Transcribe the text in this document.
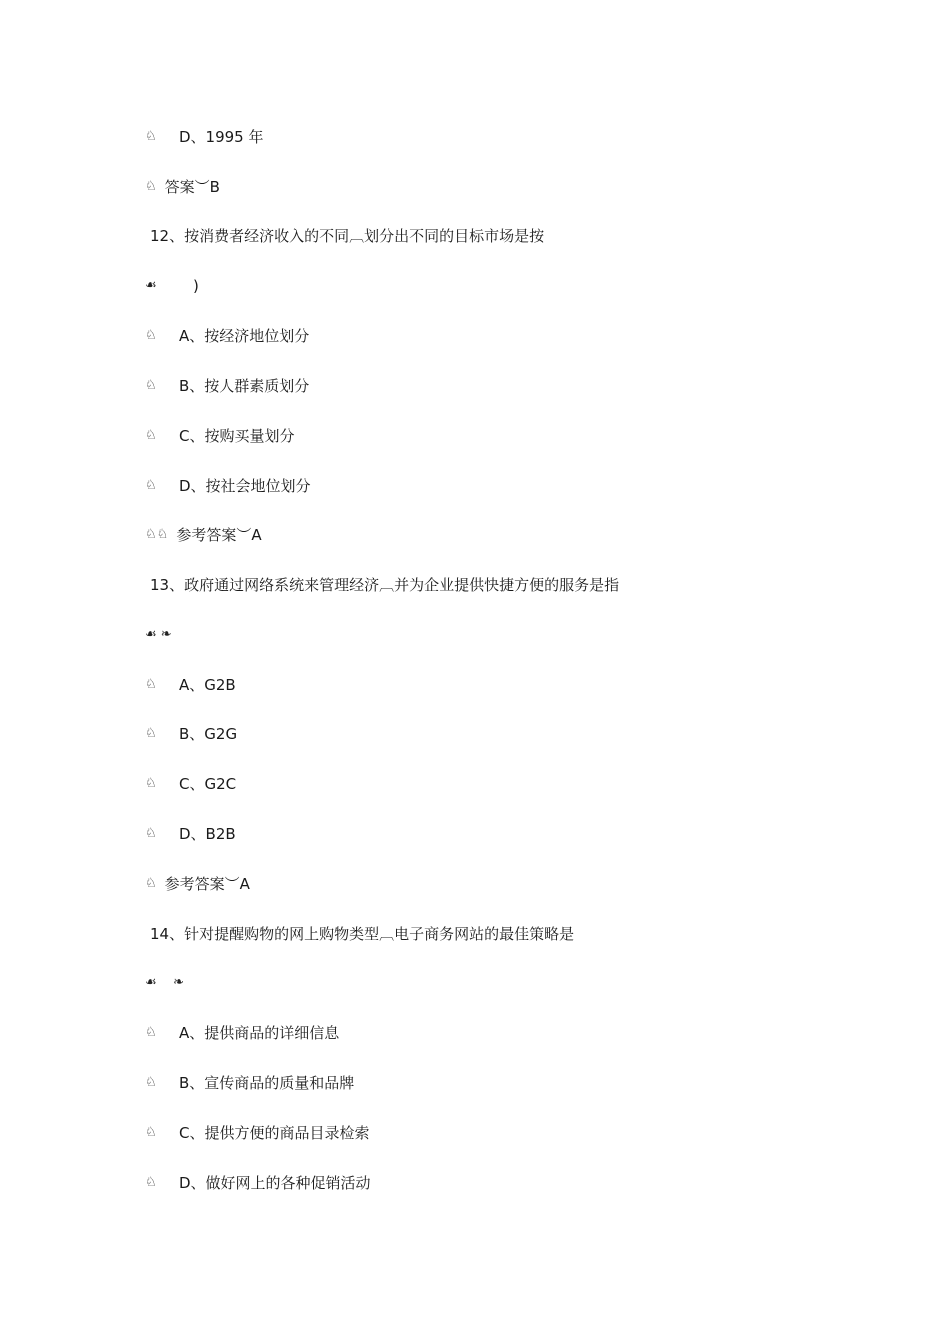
♘	D、1995 年
♘ 答案︶B
12、按消费者经济收入的不同︹划分出不同的目标市场是按
☙	)
♘	A、按经济地位划分
♘	B、按人群素质划分
♘	C、按购买量划分
♘	D、按社会地位划分
♘♘ 参考答案︶A
13、政府通过网络系统来管理经济︹并为企业提供快捷方便的服务是指
☙ ❧
♘	A、G2B
♘	B、G2G
♘	C、G2C
♘	D、B2B
♘ 参考答案︶A
14、针对提醒购物的网上购物类型︹电子商务网站的最佳策略是
☙    ❧
♘	A、提供商品的详细信息
♘	B、宣传商品的质量和品牌
♘	C、提供方便的商品目录检索
♘	D、做好网上的各种促销活动
